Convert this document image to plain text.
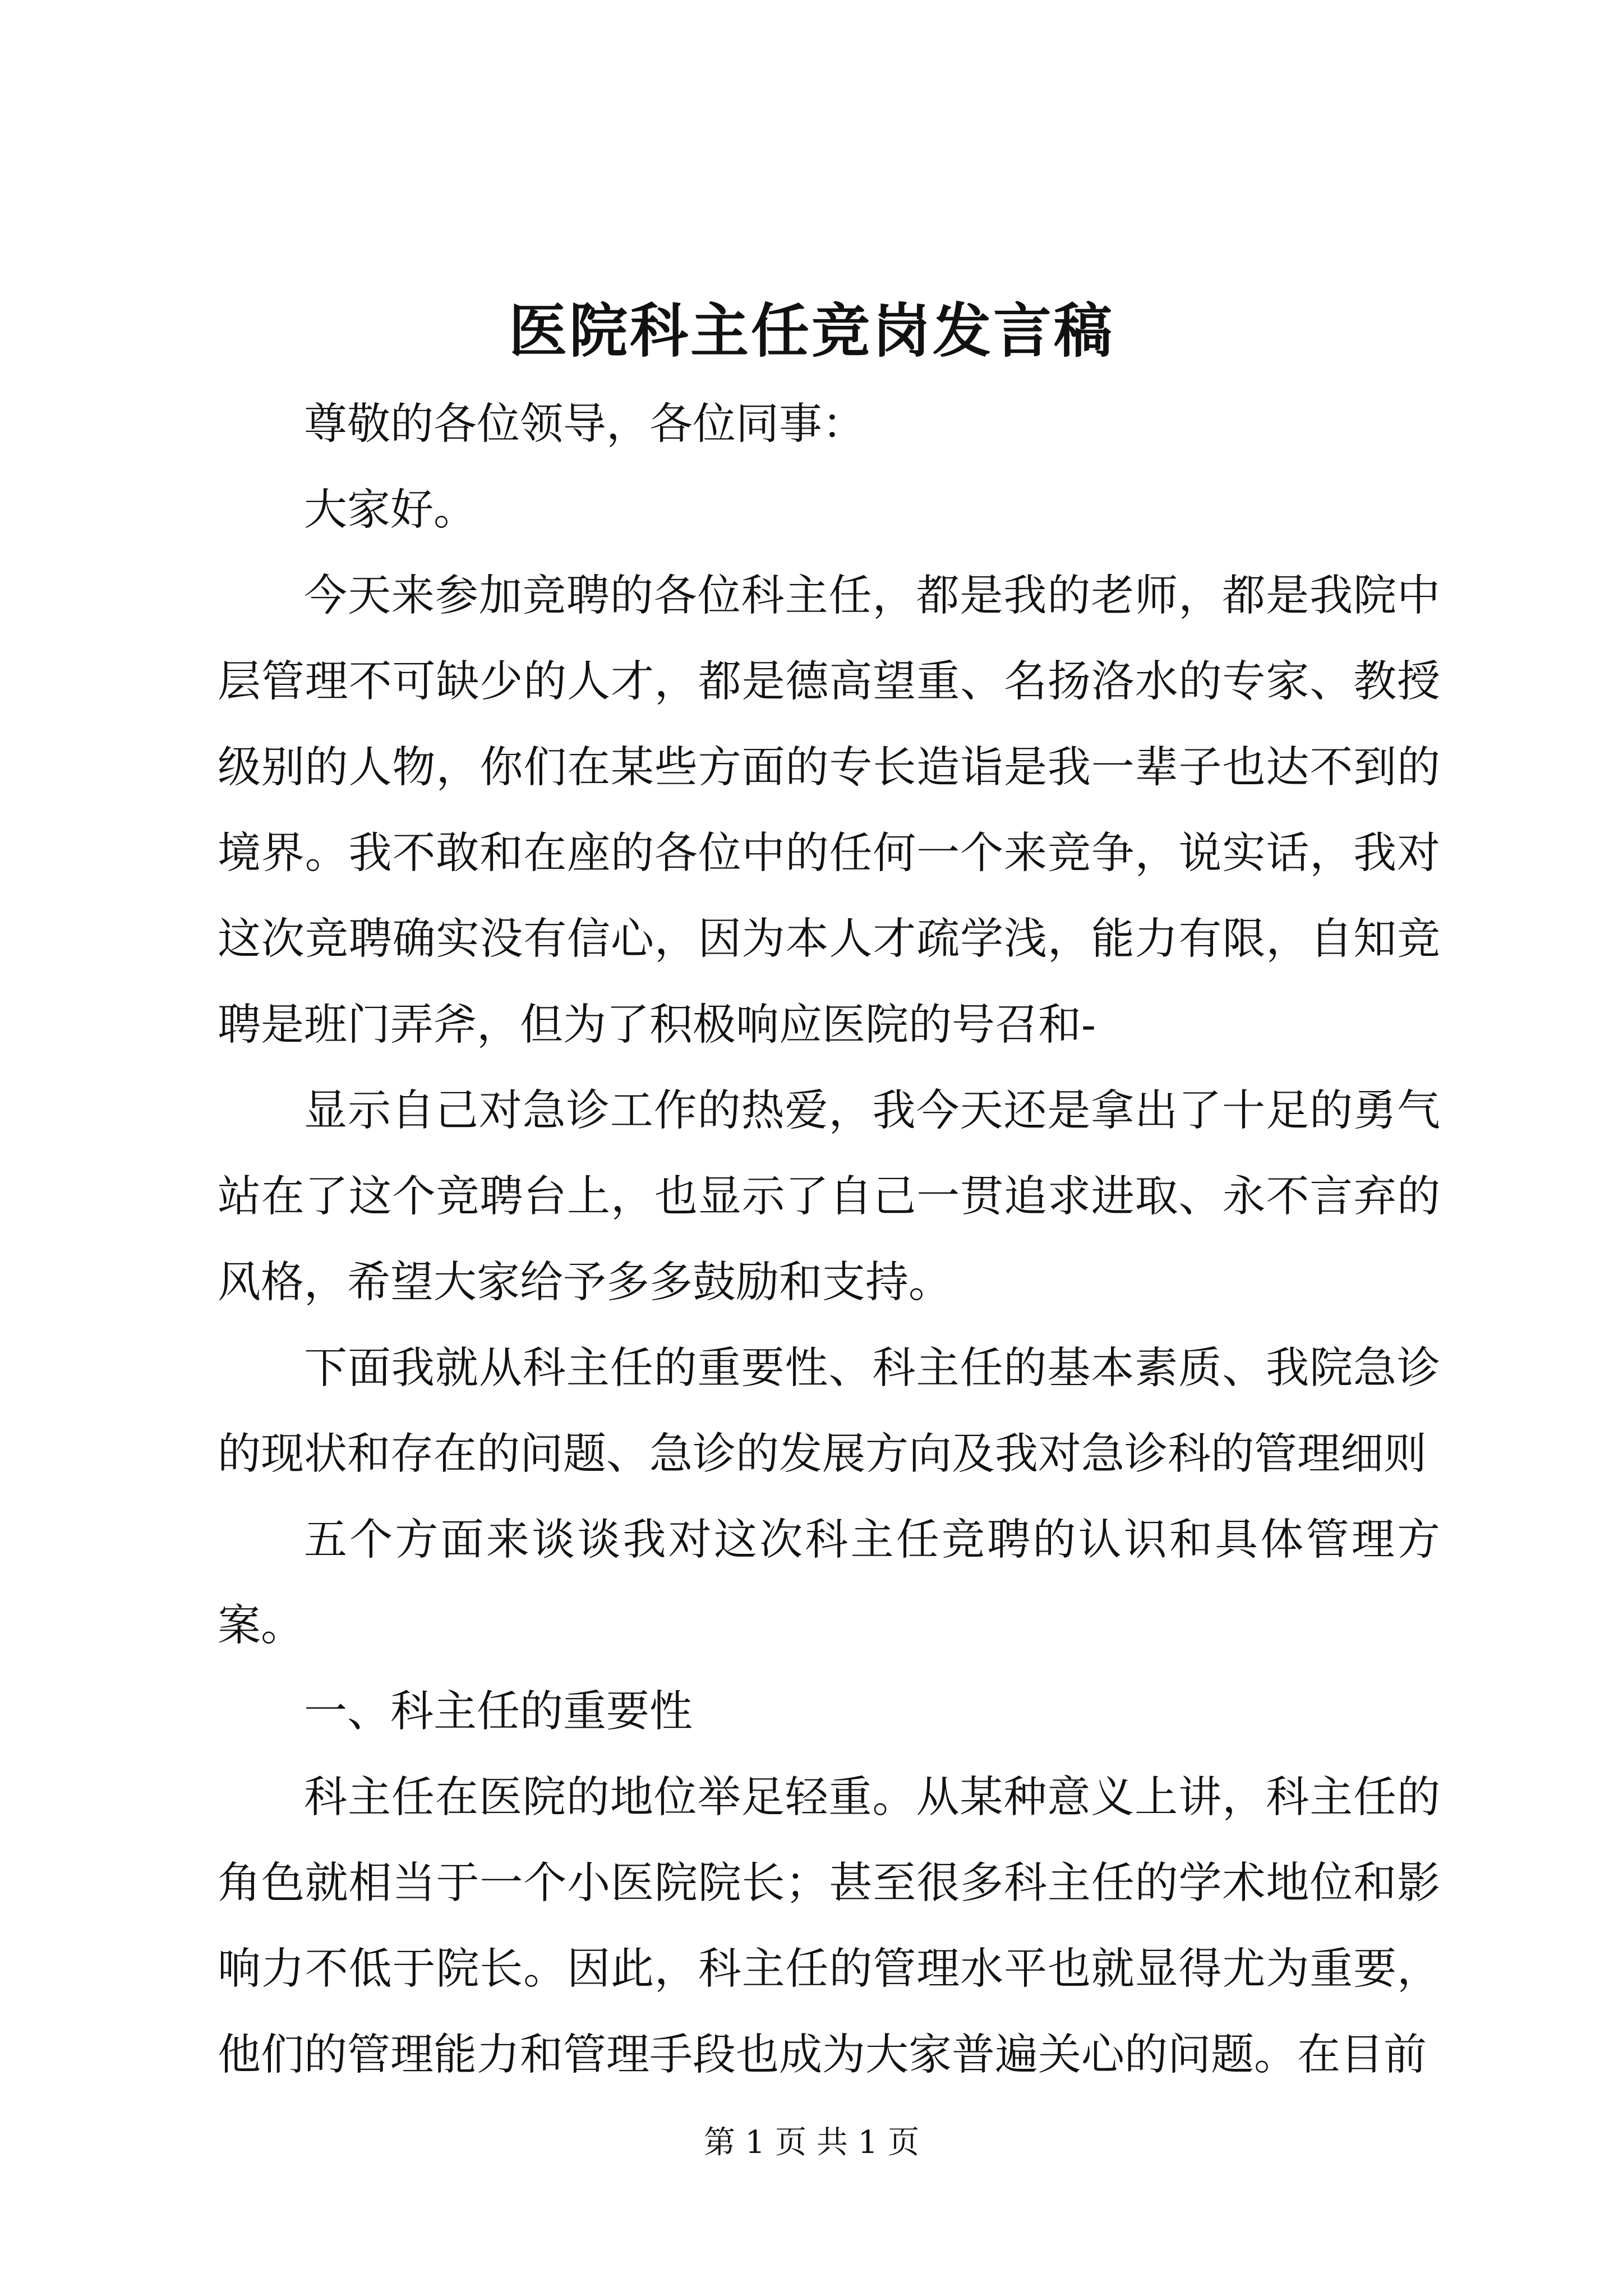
医院科主任竞岗发言稿

尊敬的各位领导，各位同事：

大家好。

今天来参加竞聘的各位科主任，都是我的老师，都是我院中层管理不可缺少的人才，都是德高望重、名扬洛水的专家、教授级别的人物，你们在某些方面的专长造诣是我一辈子也达不到的境界。我不敢和在座的各位中的任何一个来竞争，说实话，我对这次竞聘确实没有信心，因为本人才疏学浅，能力有限，自知竞聘是班门弄斧，但为了积极响应医院的号召和-

显示自己对急诊工作的热爱，我今天还是拿出了十足的勇气站在了这个竞聘台上，也显示了自己一贯追求进取、永不言弃的风格，希望大家给予多多鼓励和支持。

下面我就从科主任的重要性、科主任的基本素质、我院急诊的现状和存在的问题、急诊的发展方向及我对急诊科的管理细则

五个方面来谈谈我对这次科主任竞聘的认识和具体管理方案。

一、科主任的重要性

科主任在医院的地位举足轻重。从某种意义上讲，科主任的角色就相当于一个小医院院长；甚至很多科主任的学术地位和影响力不低于院长。因此，科主任的管理水平也就显得尤为重要，他们的管理能力和管理手段也成为大家普遍关心的问题。在目前

第 1 页 共 1 页
